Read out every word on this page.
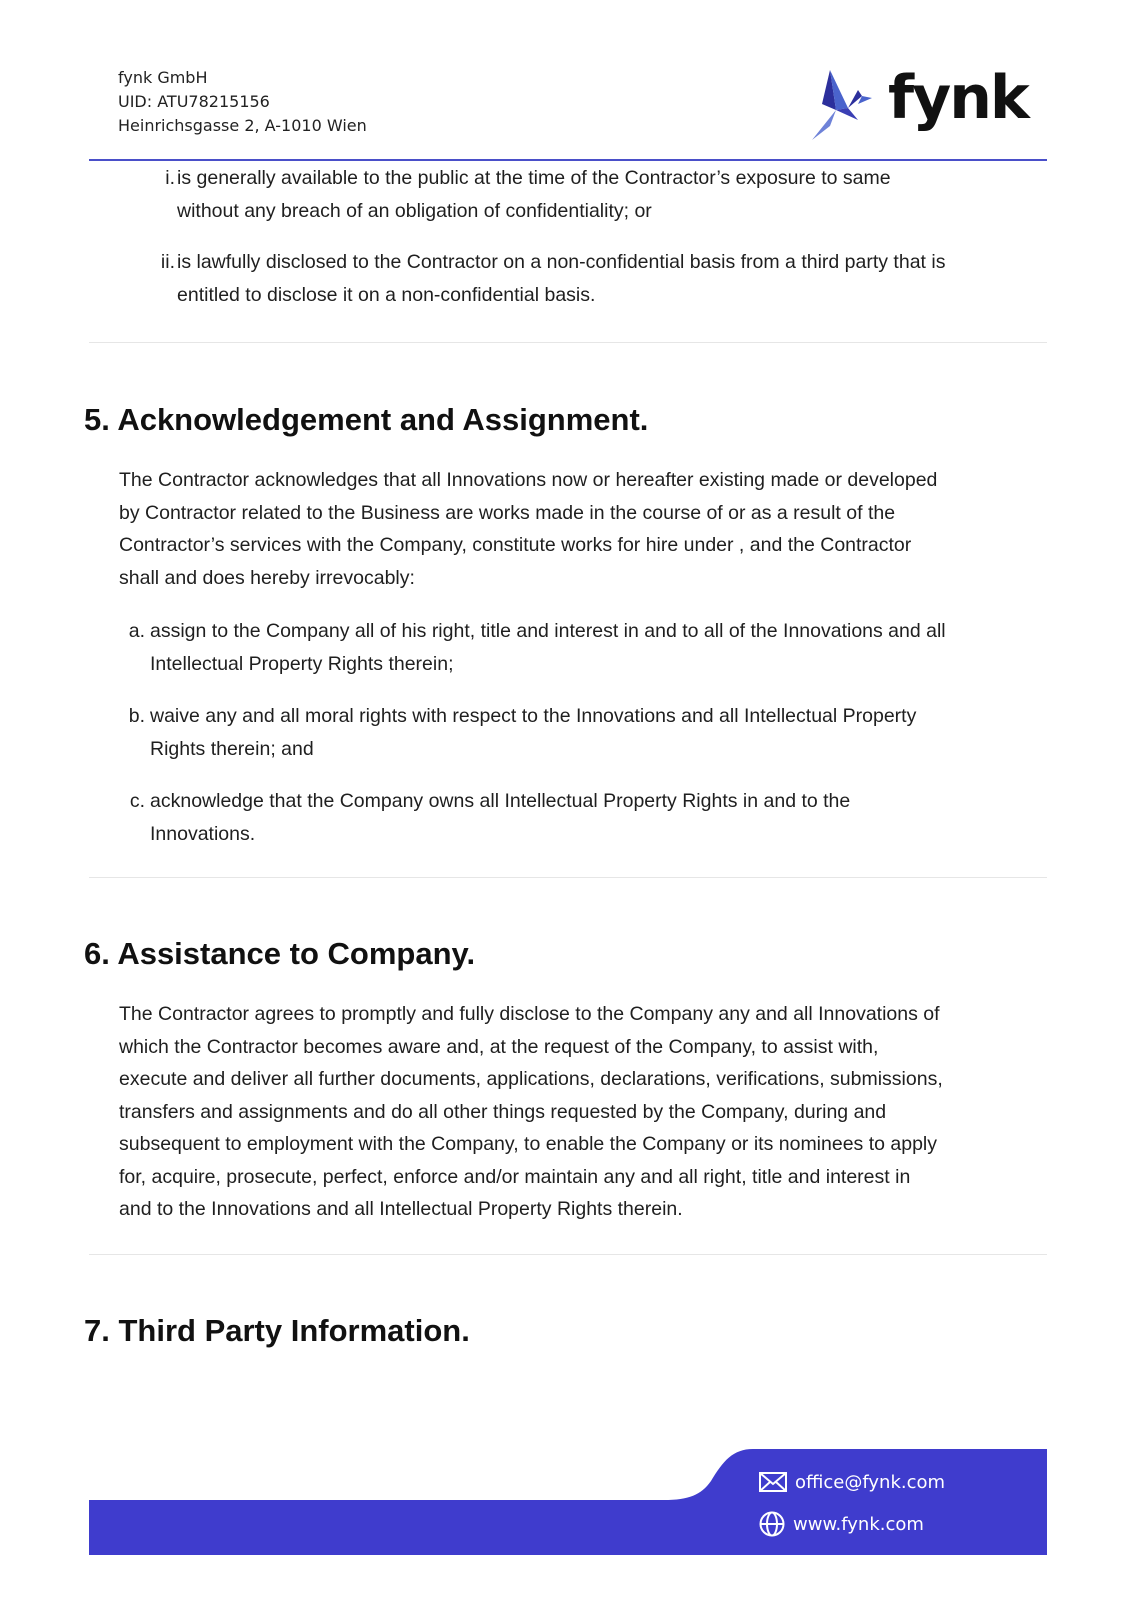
fynk GmbH
UID: ATU78215156
Heinrichsgasse 2, A-1010 Wien	fynk
i. is generally available to the public at the time of the Contractor’s exposure to same
without any breach of an obligation of confidentiality; or
ii. is lawfully disclosed to the Contractor on a non-confidential basis from a third party that is
entitled to disclose it on a non-confidential basis.
5. Acknowledgement and Assignment.
The Contractor acknowledges that all Innovations now or hereafter existing made or developed
by Contractor related to the Business are works made in the course of or as a result of the
Contractor’s services with the Company, constitute works for hire under , and the Contractor
shall and does hereby irrevocably:
a. assign to the Company all of his right, title and interest in and to all of the Innovations and all
Intellectual Property Rights therein;
b. waive any and all moral rights with respect to the Innovations and all Intellectual Property
Rights therein; and
c. acknowledge that the Company owns all Intellectual Property Rights in and to the
Innovations.
6. Assistance to Company.
The Contractor agrees to promptly and fully disclose to the Company any and all Innovations of
which the Contractor becomes aware and, at the request of the Company, to assist with,
execute and deliver all further documents, applications, declarations, verifications, submissions,
transfers and assignments and do all other things requested by the Company, during and
subsequent to employment with the Company, to enable the Company or its nominees to apply
for, acquire, prosecute, perfect, enforce and/or maintain any and all right, title and interest in
and to the Innovations and all Intellectual Property Rights therein.
7. Third Party Information.
office@fynk.com
www.fynk.com
